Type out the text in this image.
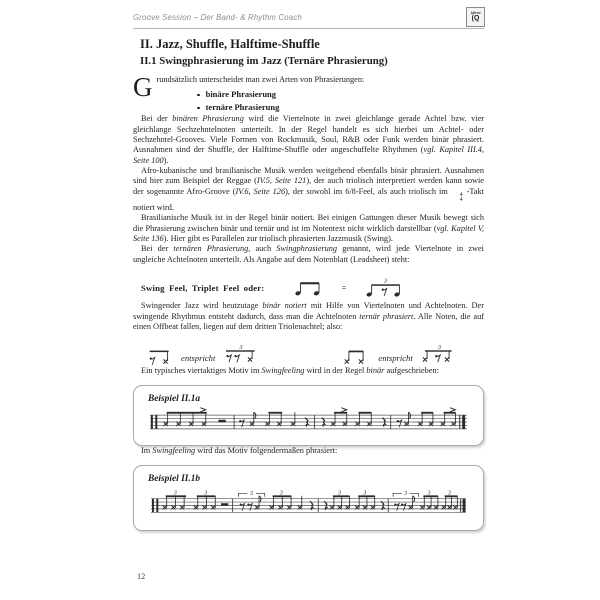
Groove Session – Der Band- & Rhythm Coach	Alfred
(Q
II. Jazz, Shuffle, Halftime-Shuffle
II.1 Swingphrasierung im Jazz (Ternäre Phrasierung)
Grundsätzlich unterscheidet man zwei Arten von Phrasierungen:
binäre Phrasierung
ternäre Phrasierung

Bei der binären Phrasierung wird die Viertelnote in zwei gleichlange gerade Achtel bzw. vier gleichlange Sechzehntelnoten unterteilt. In der Regel handelt es sich hierbei um Achtel- oder Sechzehntel-Grooves. Viele Formen von Rockmusik, Soul, R&B oder Funk werden binär phrasiert. Ausnahmen sind der Shuffle, der Halftime-Shuffle oder angeschuffelte Rhythmen (vgl. Kapitel III.4, Seite 100).

Afro-kubanische und brasilianische Musik werden weitgehend ebenfalls binär phrasiert. Ausnahmen sind hier zum Beispiel der Reggae (IV.5, Seite 121), der auch triolisch interpretiert werden kann sowie der sogenannte Afro-Groove (IV.6, Seite 126), der sowohl im 6/8-Feel, als auch triolisch im	4
4
-Takt notiert wird.

Brasilianische Musik ist in der Regel binär notiert. Bei einigen Gattungen dieser Musik bewegt sich die Phrasierung zwischen binär und ternär und ist im Notentext nicht wirklich darstellbar (vgl. Kapitel V, Seite 136). Hier gibt es Parallelen zur triolisch phrasierten Jazzmusik (Swing).

Bei der ternären Phrasierung, auch Swingphrasierung genannt, wird jede Viertelnote in zwei ungleiche Achtelnoten unterteilt. Als Angabe auf dem Notenblatt (Leadsheet) steht:

Swing Feel, Triplet Feel oder:	=
3

Swingender Jazz wird heutzutage binär notiert mit Hilfe von Viertelnoten und Achtelnoten. Der swingende Rhythmus entsteht dadurch, dass man die Achtelnoten ternär phrasiert. Alle Noten, die auf einen Offbeat fallen, liegen auf dem dritten Triolenachtel; also:

entspricht
3
entspricht
3

Ein typisches viertaktiges Motiv im Swingfeeling wird in der Regel binär aufgeschrieben:

Beispiel II.1a

Im Swingfeeling wird das Motiv folgendermaßen phrasiert:

Beispiel II.1b
3	3	3	3	3	3	3	3	3
12
